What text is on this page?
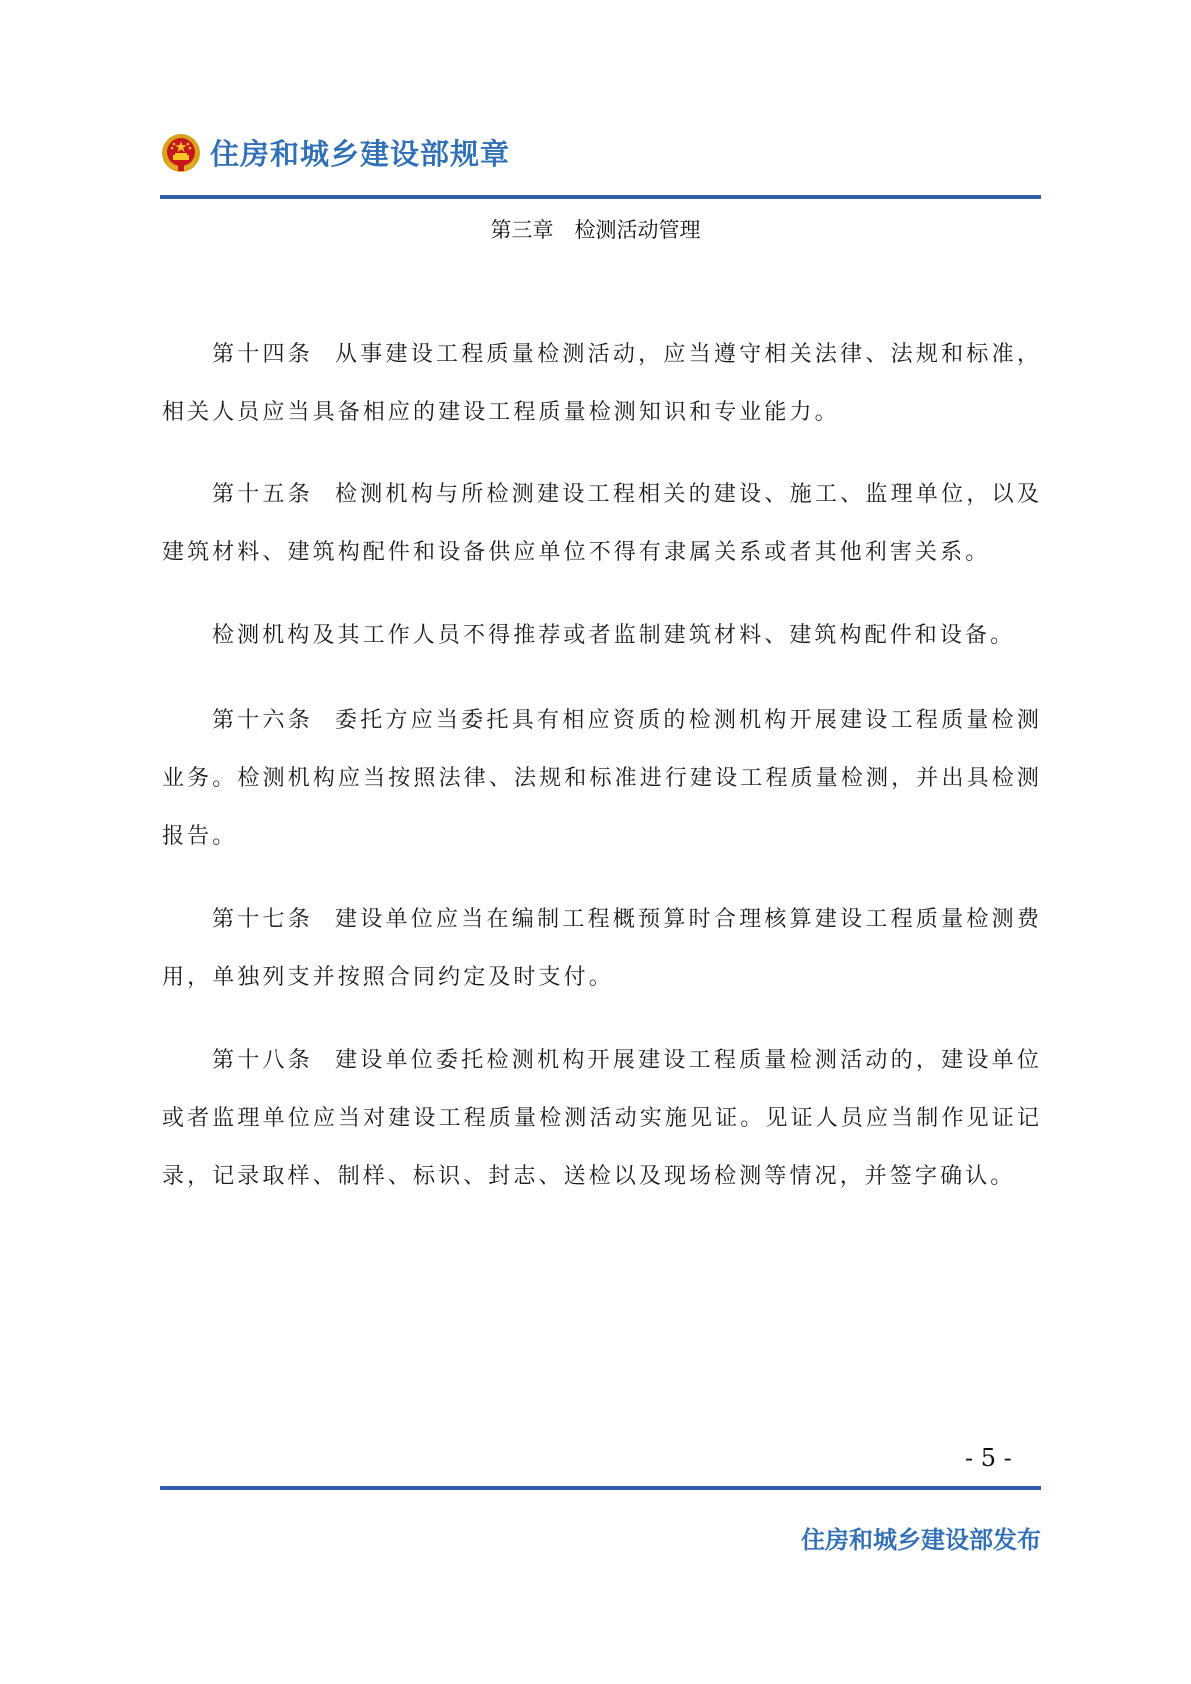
住房和城乡建设部规章
第三章　检测活动管理

第十四条 从事建设工程质量检测活动，应当遵守相关法律、法规和标准，相关人员应当具备相应的建设工程质量检测知识和专业能力。

第十五条 检测机构与所检测建设工程相关的建设、施工、监理单位，以及建筑材料、建筑构配件和设备供应单位不得有隶属关系或者其他利害关系。

检测机构及其工作人员不得推荐或者监制建筑材料、建筑构配件和设备。

第十六条 委托方应当委托具有相应资质的检测机构开展建设工程质量检测业务。检测机构应当按照法律、法规和标准进行建设工程质量检测，并出具检测报告。

第十七条 建设单位应当在编制工程概预算时合理核算建设工程质量检测费用，单独列支并按照合同约定及时支付。

第十八条 建设单位委托检测机构开展建设工程质量检测活动的，建设单位或者监理单位应当对建设工程质量检测活动实施见证。见证人员应当制作见证记录，记录取样、制样、标识、封志、送检以及现场检测等情况，并签字确认。

- 5 -
住房和城乡建设部发布
